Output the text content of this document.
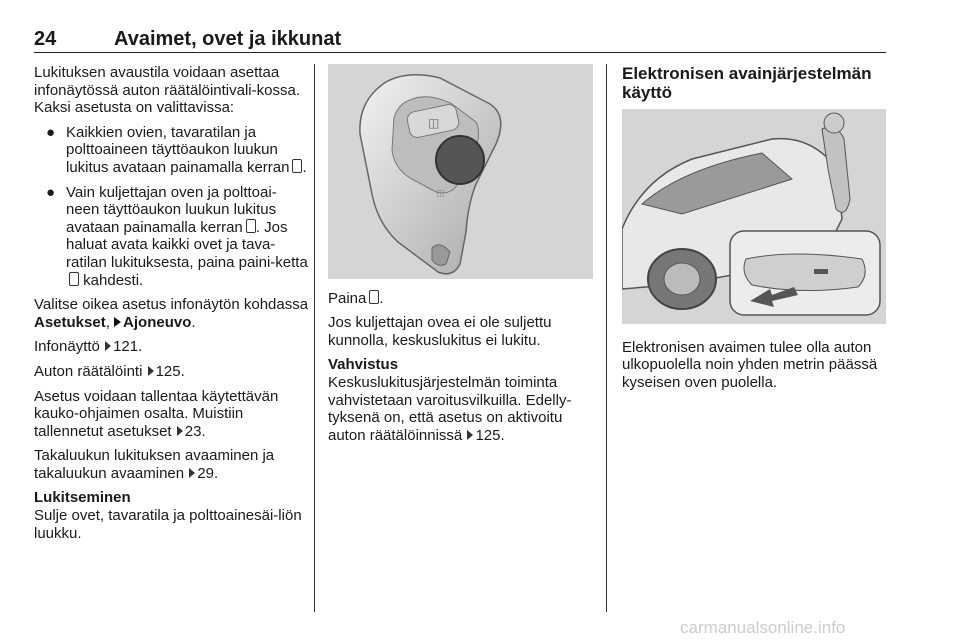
24	Avaimet, ovet ja ikkunat

Lukituksen avaustila voidaan asettaa infonäytössä auton räätälöintivali-kossa. Kaksi asetusta on valittavissa:

● Kaikkien ovien, tavaratilan ja polttoaineen täyttöaukon luukun lukitus avataan painamalla kerran .
● Vain kuljettajan oven ja polttoai-neen täyttöaukon luukun lukitus avataan painamalla kerran . Jos haluat avata kaikki ovet ja tava-ratilan lukituksesta, paina paini-ketta kahdesti.

Valitse oikea asetus infonäytön kohdassa Asetukset, Ajoneuvo.

Infonäyttö 121.

Auton räätälöinti 125.

Asetus voidaan tallentaa käytettävän kauko-ohjaimen osalta. Muistiin tallennetut asetukset 23.

Takaluukun lukituksen avaaminen ja takaluukun avaaminen 29.

Lukitseminen

Sulje ovet, tavaratila ja polttoainesäi-liön luukku.

◫
◫

Paina .

Jos kuljettajan ovea ei ole suljettu kunnolla, keskuslukitus ei lukitu.

Vahvistus

Keskuslukitusjärjestelmän toiminta vahvistetaan varoitusvilkuilla. Edelly-tyksenä on, että asetus on aktivoitu auton räätälöinnissä 125.

Elektronisen avainjärjestelmän käyttö

Elektronisen avaimen tulee olla auton ulkopuolella noin yhden metrin päässä kyseisen oven puolella.

carmanualsonline.info
